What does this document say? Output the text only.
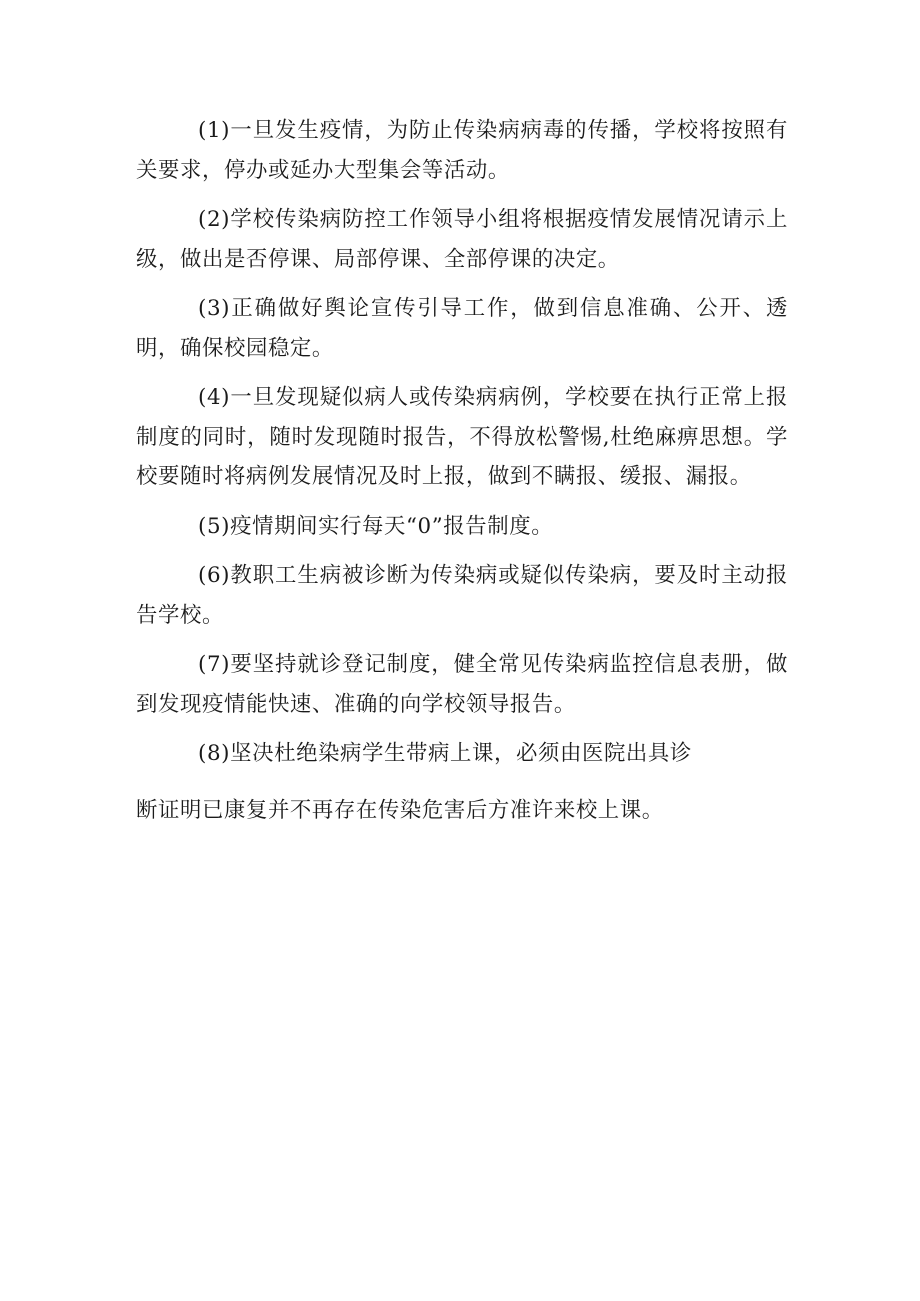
(1)一旦发生疫情，为防止传染病病毒的传播，学校将按照有关要求，停办或延办大型集会等活动。

(2)学校传染病防控工作领导小组将根据疫情发展情况请示上级，做出是否停课、局部停课、全部停课的决定。

(3)正确做好舆论宣传引导工作，做到信息准确、公开、透明，确保校园稳定。

(4)一旦发现疑似病人或传染病病例，学校要在执行正常上报制度的同时，随时发现随时报告，不得放松警惕,杜绝麻痹思想。学校要随时将病例发展情况及时上报，做到不瞒报、缓报、漏报。

(5)疫情期间实行每天“0”报告制度。

(6)教职工生病被诊断为传染病或疑似传染病，要及时主动报告学校。

(7)要坚持就诊登记制度，健全常见传染病监控信息表册，做到发现疫情能快速、准确的向学校领导报告。

(8)坚决杜绝染病学生带病上课，必须由医院出具诊
断证明已康复并不再存在传染危害后方准许来校上课。
